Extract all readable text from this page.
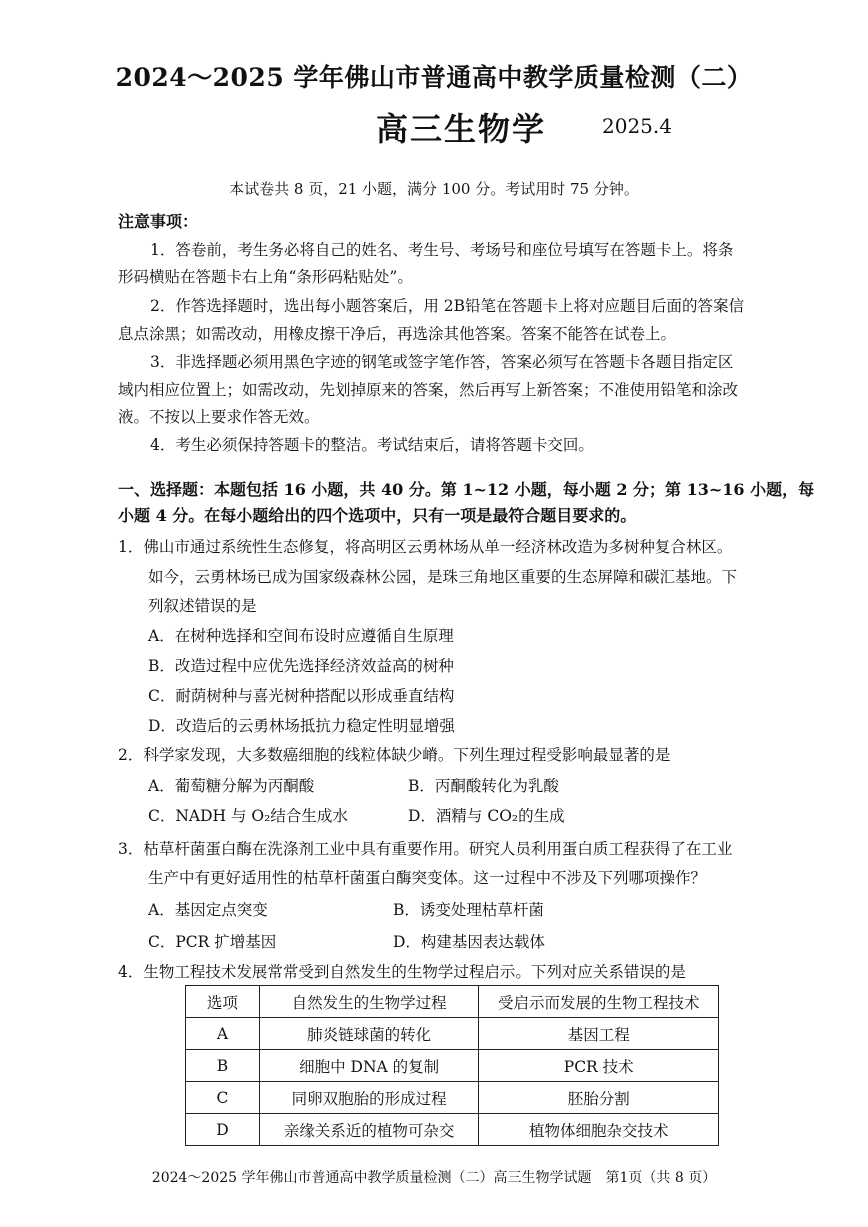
2024～2025 学年佛山市普通高中教学质量检测（二）
高三生物学	2025.4
本试卷共 8 页，21 小题，满分 100 分。考试用时 75 分钟。
注意事项：
1．答卷前，考生务必将自己的姓名、考生号、考场号和座位号填写在答题卡上。将条
形码横贴在答题卡右上角“条形码粘贴处”。
2．作答选择题时，选出每小题答案后，用 2B铅笔在答题卡上将对应题目后面的答案信
息点涂黑；如需改动，用橡皮擦干净后，再选涂其他答案。答案不能答在试卷上。
3．非选择题必须用黑色字迹的钢笔或签字笔作答，答案必须写在答题卡各题目指定区
域内相应位置上；如需改动，先划掉原来的答案，然后再写上新答案；不准使用铅笔和涂改
液。不按以上要求作答无效。
4．考生必须保持答题卡的整洁。考试结束后，请将答题卡交回。
一、选择题：本题包括 16 小题，共 40 分。第 1~12 小题，每小题 2 分；第 13~16 小题，每
小题 4 分。在每小题给出的四个选项中，只有一项是最符合题目要求的。
1．佛山市通过系统性生态修复，将高明区云勇林场从单一经济林改造为多树种复合林区。
如今，云勇林场已成为国家级森林公园，是珠三角地区重要的生态屏障和碳汇基地。下
列叙述错误的是
A．在树种选择和空间布设时应遵循自生原理
B．改造过程中应优先选择经济效益高的树种
C．耐荫树种与喜光树种搭配以形成垂直结构
D．改造后的云勇林场抵抗力稳定性明显增强
2．科学家发现，大多数癌细胞的线粒体缺少嵴。下列生理过程受影响最显著的是
A．葡萄糖分解为丙酮酸	B．丙酮酸转化为乳酸
C．NADH 与 O₂结合生成水	D．酒精与 CO₂的生成
3．枯草杆菌蛋白酶在洗涤剂工业中具有重要作用。研究人员利用蛋白质工程获得了在工业
生产中有更好适用性的枯草杆菌蛋白酶突变体。这一过程中不涉及下列哪项操作？
A．基因定点突变	B．诱变处理枯草杆菌
C．PCR 扩增基因	D．构建基因表达载体
4．生物工程技术发展常常受到自然发生的生物学过程启示。下列对应关系错误的是
选项	自然发生的生物学过程	受启示而发展的生物工程技术
A	肺炎链球菌的转化	基因工程
B	细胞中 DNA 的复制	PCR 技术
C	同卵双胞胎的形成过程	胚胎分割
D	亲缘关系近的植物可杂交	植物体细胞杂交技术
2024～2025 学年佛山市普通高中教学质量检测（二）高三生物学试题　第1页（共 8 页）
